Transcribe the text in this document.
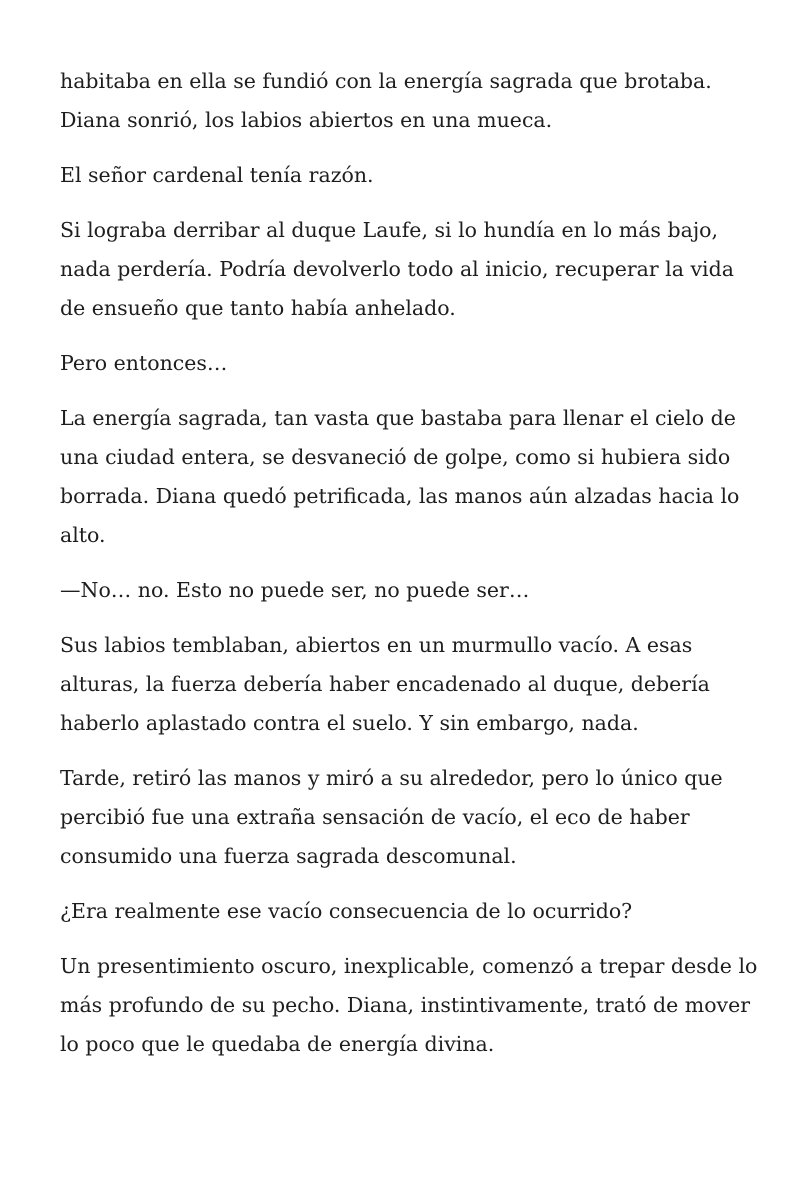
habitaba en ella se fundió con la energía sagrada que brotaba. Diana sonrió, los labios abiertos en una mueca.

El señor cardenal tenía razón.

Si lograba derribar al duque Laufe, si lo hundía en lo más bajo, nada perdería. Podría devolverlo todo al inicio, recuperar la vida de ensueño que tanto había anhelado.

Pero entonces…

La energía sagrada, tan vasta que bastaba para llenar el cielo de una ciudad entera, se desvaneció de golpe, como si hubiera sido borrada. Diana quedó petrificada, las manos aún alzadas hacia lo alto.

—No… no. Esto no puede ser, no puede ser…

Sus labios temblaban, abiertos en un murmullo vacío. A esas alturas, la fuerza debería haber encadenado al duque, debería haberlo aplastado contra el suelo. Y sin embargo, nada.

Tarde, retiró las manos y miró a su alrededor, pero lo único que percibió fue una extraña sensación de vacío, el eco de haber consumido una fuerza sagrada descomunal.

¿Era realmente ese vacío consecuencia de lo ocurrido?

Un presentimiento oscuro, inexplicable, comenzó a trepar desde lo más profundo de su pecho. Diana, instintivamente, trató de mover lo poco que le quedaba de energía divina.
